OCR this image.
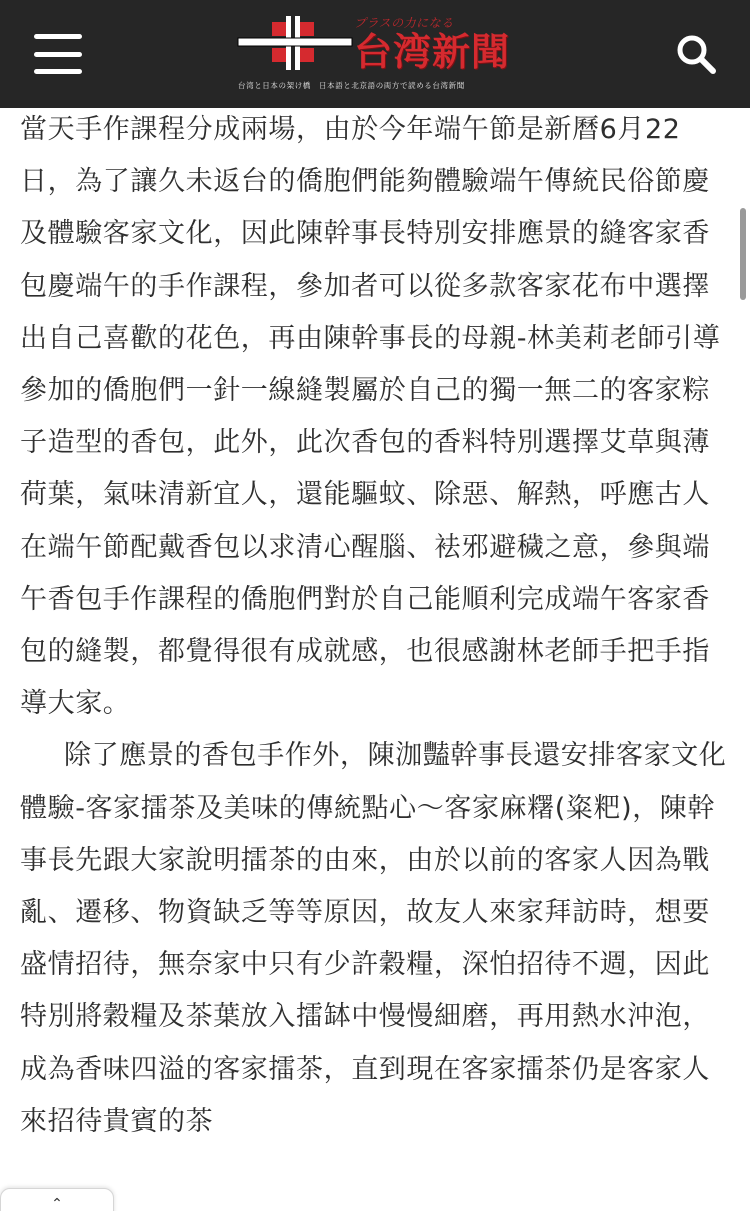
プラスの力になる
台湾新聞
台湾と日本の架け橋　日本語と北京語の両方で読める台湾新聞

當天手作課程分成兩場，由於今年端午節是新曆6月22日，為了讓久未返台的僑胞們能夠體驗端午傳統民俗節慶及體驗客家文化，因此陳幹事長特別安排應景的縫客家香包慶端午的手作課程，參加者可以從多款客家花布中選擇出自己喜歡的花色，再由陳幹事長的母親-林美莉老師引導參加的僑胞們一針一線縫製屬於自己的獨一無二的客家粽子造型的香包，此外，此次香包的香料特別選擇艾草與薄荷葉，氣味清新宜人，還能驅蚊、除惡、解熱，呼應古人在端午節配戴香包以求清心醒腦、袪邪避穢之意，參與端午香包手作課程的僑胞們對於自己能順利完成端午客家香包的縫製，都覺得很有成就感，也很感謝林老師手把手指導大家。

除了應景的香包手作外，陳泇豔幹事長還安排客家文化體驗-客家擂茶及美味的傳統點心～客家麻糬(粢粑)，陳幹事長先跟大家說明擂茶的由來，由於以前的客家人因為戰亂、遷移、物資缺乏等等原因，故友人來家拜訪時，想要盛情招待，無奈家中只有少許穀糧，深怕招待不週，因此特別將穀糧及茶葉放入擂缽中慢慢細磨，再用熱水沖泡，成為香味四溢的客家擂茶，直到現在客家擂茶仍是客家人來招待貴賓的茶

⌃
